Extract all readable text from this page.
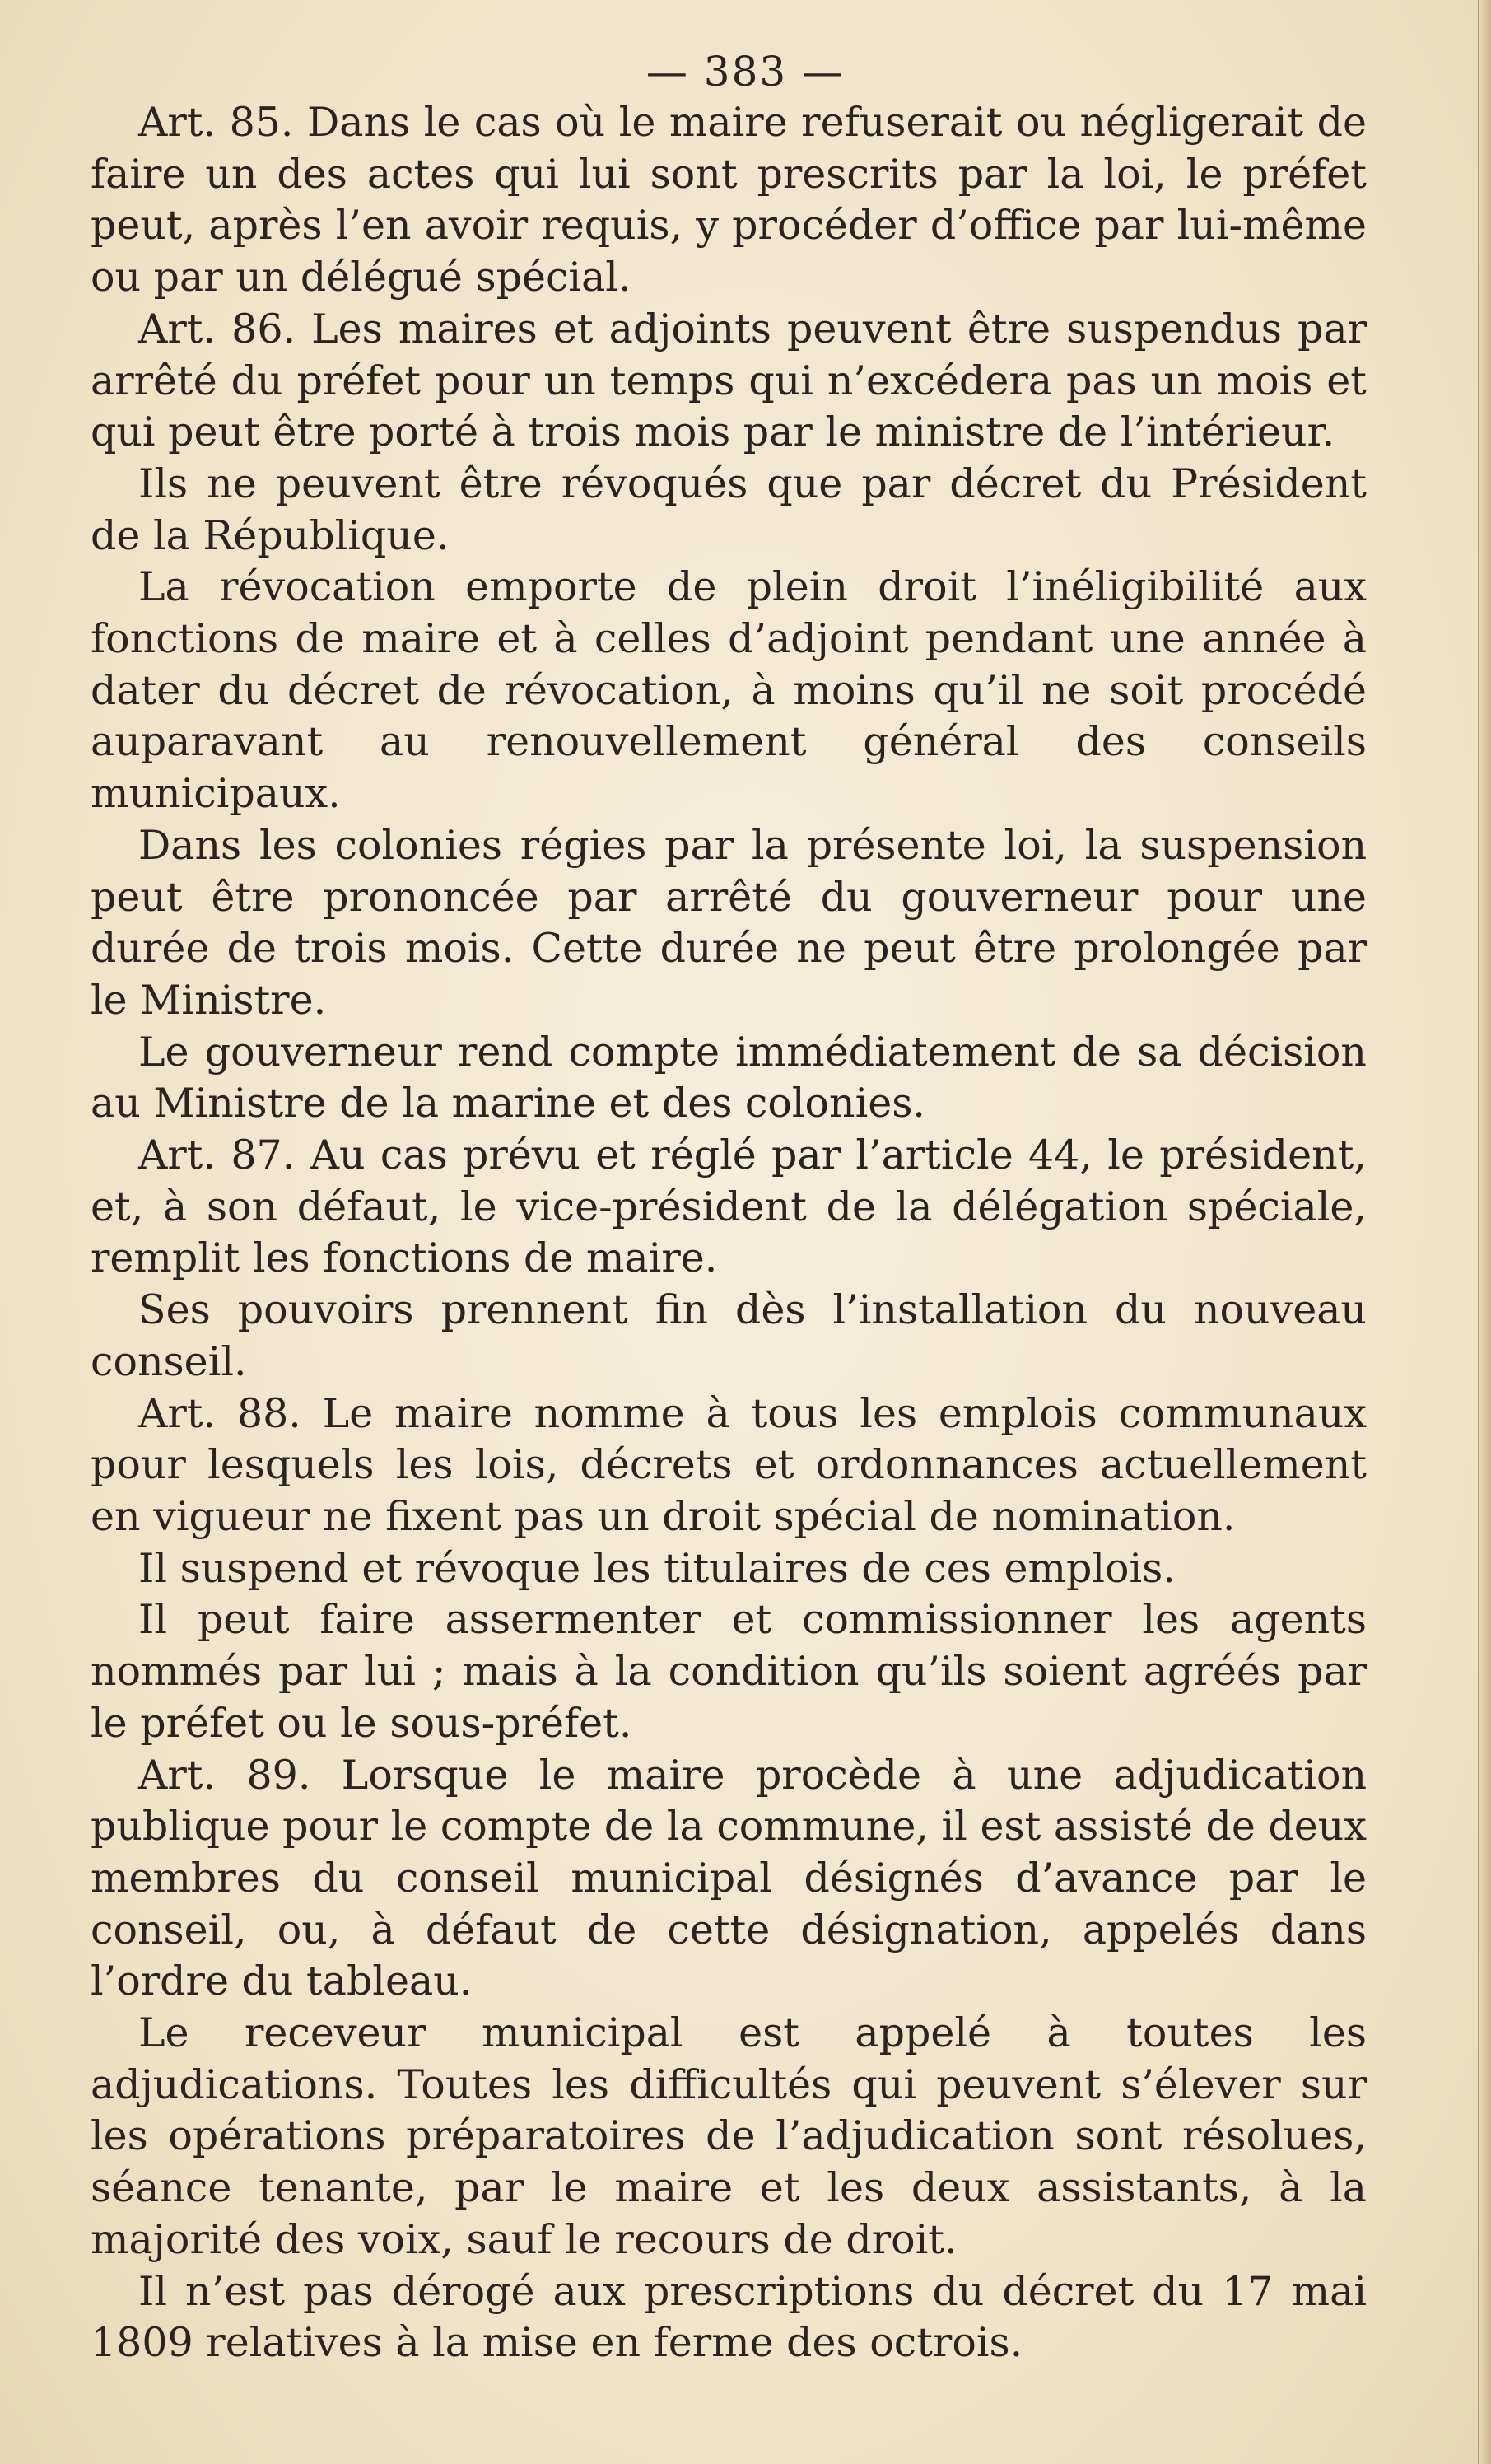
— 383 —

Art. 85. Dans le cas où le maire refuserait ou négligerait de faire un des actes qui lui sont prescrits par la loi, le préfet peut, après l’en avoir requis, y procéder d’office par lui-même ou par un délégué spécial.

Art. 86. Les maires et adjoints peuvent être suspendus par arrêté du préfet pour un temps qui n’excédera pas un mois et qui peut être porté à trois mois par le ministre de l’intérieur.

Ils ne peuvent être révoqués que par décret du Président de la République.

La révocation emporte de plein droit l’inéligibilité aux fonctions de maire et à celles d’adjoint pendant une année à dater du décret de révocation, à moins qu’il ne soit procédé auparavant au renouvellement général des conseils municipaux.

Dans les colonies régies par la présente loi, la suspension peut être prononcée par arrêté du gouverneur pour une durée de trois mois. Cette durée ne peut être prolongée par le Ministre.

Le gouverneur rend compte immédiatement de sa décision au Ministre de la marine et des colonies.

Art. 87. Au cas prévu et réglé par l’article 44, le président, et, à son défaut, le vice-président de la délégation spéciale, remplit les fonctions de maire.

Ses pouvoirs prennent fin dès l’installation du nouveau conseil.

Art. 88. Le maire nomme à tous les emplois communaux pour lesquels les lois, décrets et ordonnances actuellement en vigueur ne fixent pas un droit spécial de nomination.

Il suspend et révoque les titulaires de ces emplois.

Il peut faire assermenter et commissionner les agents nommés par lui ; mais à la condition qu’ils soient agréés par le préfet ou le sous-préfet.

Art. 89. Lorsque le maire procède à une adjudication publique pour le compte de la commune, il est assisté de deux membres du conseil municipal désignés d’avance par le conseil, ou, à défaut de cette désignation, appelés dans l’ordre du tableau.

Le receveur municipal est appelé à toutes les adjudications. Toutes les difficultés qui peuvent s’élever sur les opérations préparatoires de l’adjudication sont résolues, séance tenante, par le maire et les deux assistants, à la majorité des voix, sauf le recours de droit.

Il n’est pas dérogé aux prescriptions du décret du 17 mai 1809 relatives à la mise en ferme des octrois.
